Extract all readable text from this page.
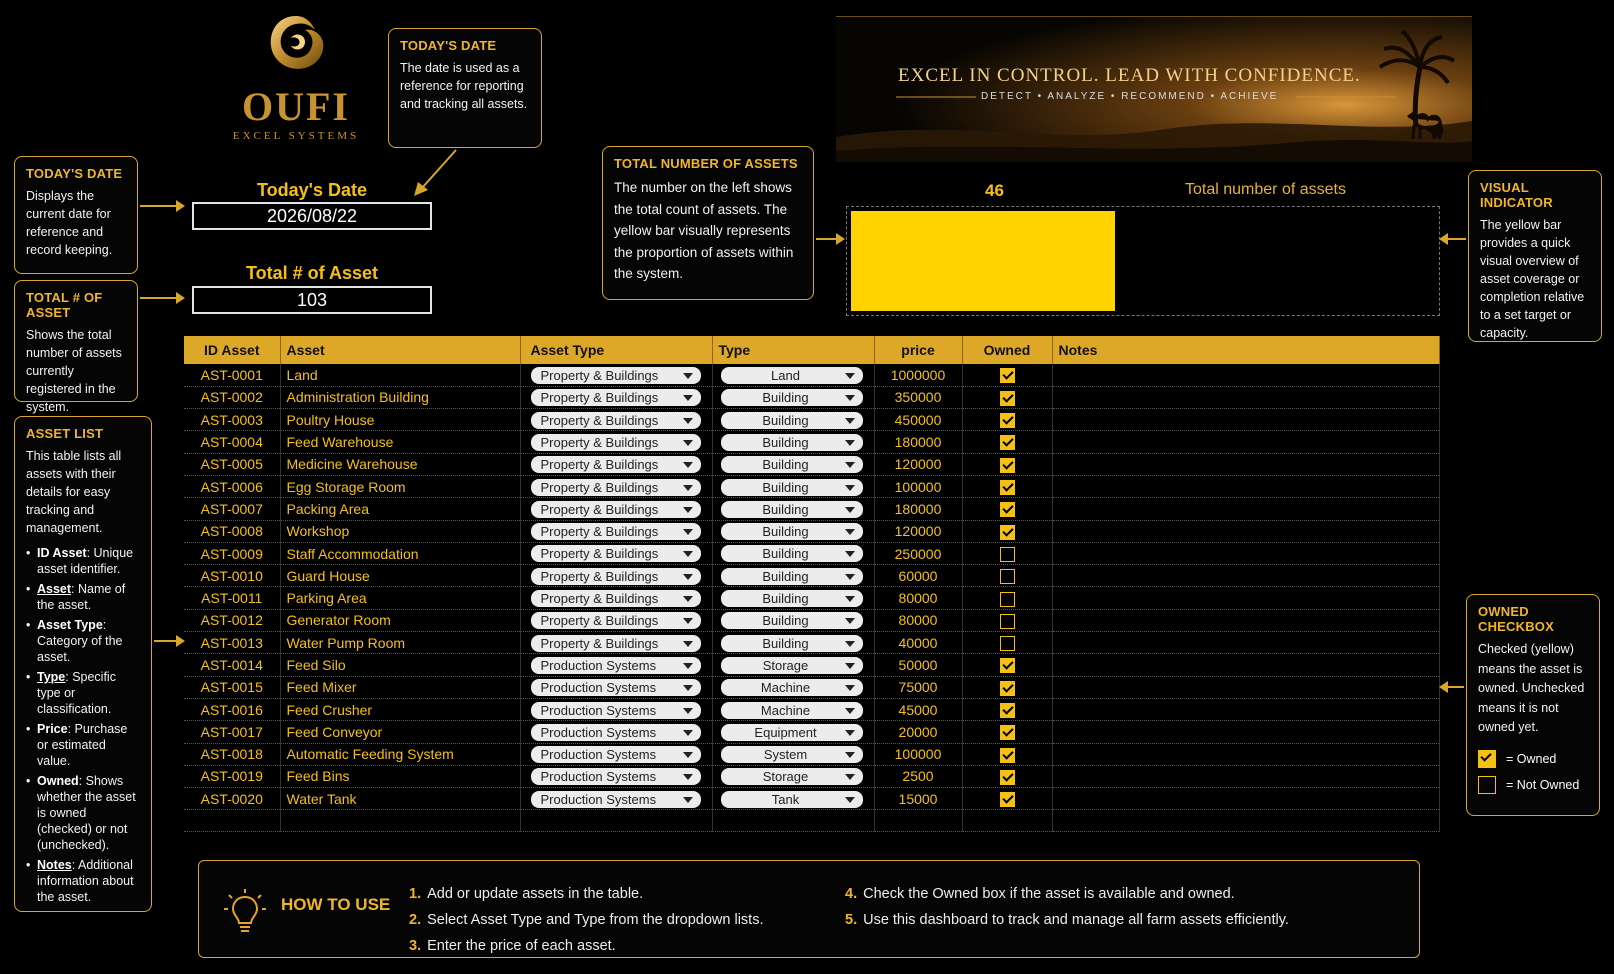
OUFI
EXCEL SYSTEMS
TODAY'S DATE

The date is used as a reference for reporting and tracking all assets.

TODAY'S DATE

Displays the current date for reference and record keeping.

TOTAL # OF ASSET

Shows the total number of assets currently registered in the system.

ASSET LIST

This table lists all assets with their details for easy tracking and management.

• ID Asset: Unique asset identifier.
• Asset: Name of the asset.
• Asset Type: Category of the asset.
• Type: Specific type or classification.
• Price: Purchase or estimated value.
• Owned: Shows whether the asset is owned (checked) or not (unchecked).
• Notes: Additional information about the asset.
Today's Date
2026/08/22
Total # of Asset
103
TOTAL NUMBER OF ASSETS

The number on the left shows the total count of assets. The yellow bar visually represents the proportion of assets within the system.

EXCEL IN CONTROL. LEAD WITH CONFIDENCE.
DETECT • ANALYZE • RECOMMEND • ACHIEVE
46	Total number of assets	VISUAL INDICATOR

The yellow bar provides a quick visual overview of asset coverage or completion relative to a set target or capacity.

ID Asset	Asset	Asset Type	Type	price	Owned	Notes
AST-0001	Land	Property & Buildings	Land	1000000		
AST-0002	Administration Building	Property & Buildings	Building	350000		
AST-0003	Poultry House	Property & Buildings	Building	450000		
AST-0004	Feed Warehouse	Property & Buildings	Building	180000		
AST-0005	Medicine Warehouse	Property & Buildings	Building	120000		
AST-0006	Egg Storage Room	Property & Buildings	Building	100000		
AST-0007	Packing Area	Property & Buildings	Building	180000		
AST-0008	Workshop	Property & Buildings	Building	120000		
AST-0009	Staff Accommodation	Property & Buildings	Building	250000		
AST-0010	Guard House	Property & Buildings	Building	60000		
AST-0011	Parking Area	Property & Buildings	Building	80000		
AST-0012	Generator Room	Property & Buildings	Building	80000		
AST-0013	Water Pump Room	Property & Buildings	Building	40000		
AST-0014	Feed Silo	Production Systems	Storage	50000		
AST-0015	Feed Mixer	Production Systems	Machine	75000		
AST-0016	Feed Crusher	Production Systems	Machine	45000		
AST-0017	Feed Conveyor	Production Systems	Equipment	20000		
AST-0018	Automatic Feeding System	Production Systems	System	100000		
AST-0019	Feed Bins	Production Systems	Storage	2500		
AST-0020	Water Tank	Production Systems	Tank	15000		

OWNED CHECKBOX

Checked (yellow) means the asset is owned. Unchecked means it is not owned yet.

= Owned
= Not Owned
HOW TO USE
1. Add or update assets in the table.
2. Select Asset Type and Type from the dropdown lists.
3. Enter the price of each asset.
4. Check the Owned box if the asset is available and owned.
5. Use this dashboard to track and manage all farm assets efficiently.
